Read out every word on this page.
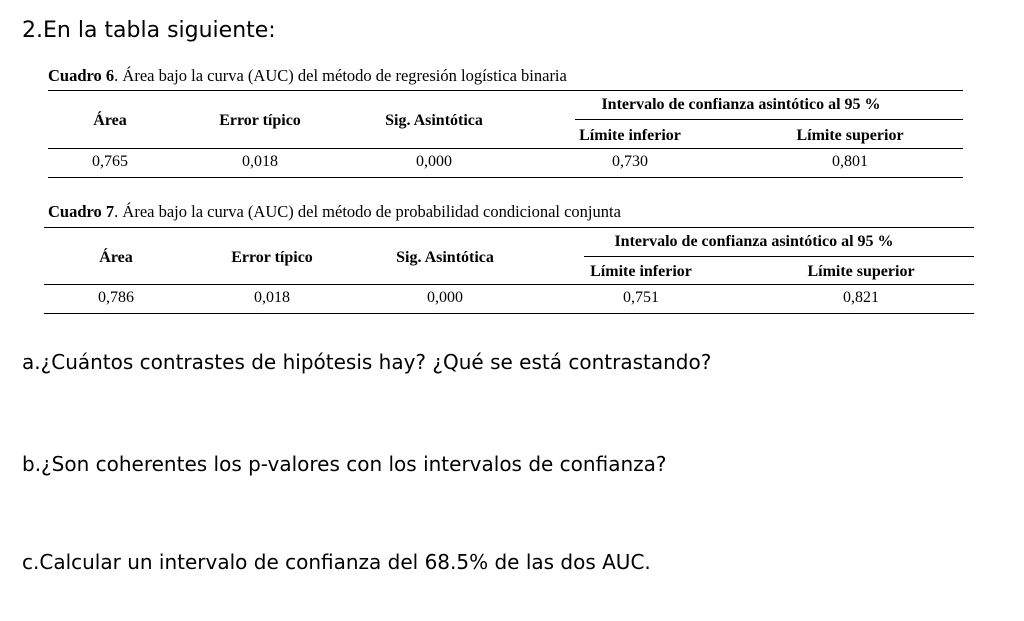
2.En la tabla siguiente:
Cuadro 6. Área bajo la curva (AUC) del método de regresión logística binaria
Área	Error típico	Sig. Asintótica
Intervalo de confianza asintótico al 95 %
Límite inferior	Límite superior
0,765	0,018	0,000	0,730	0,801
Cuadro 7. Área bajo la curva (AUC) del método de probabilidad condicional conjunta
Área	Error típico	Sig. Asintótica
Intervalo de confianza asintótico al 95 %
Límite inferior	Límite superior
0,786	0,018	0,000	0,751	0,821
a.¿Cuántos contrastes de hipótesis hay? ¿Qué se está contrastando?
b.¿Son coherentes los p-valores con los intervalos de confianza?
c.Calcular un intervalo de confianza del 68.5% de las dos AUC.
